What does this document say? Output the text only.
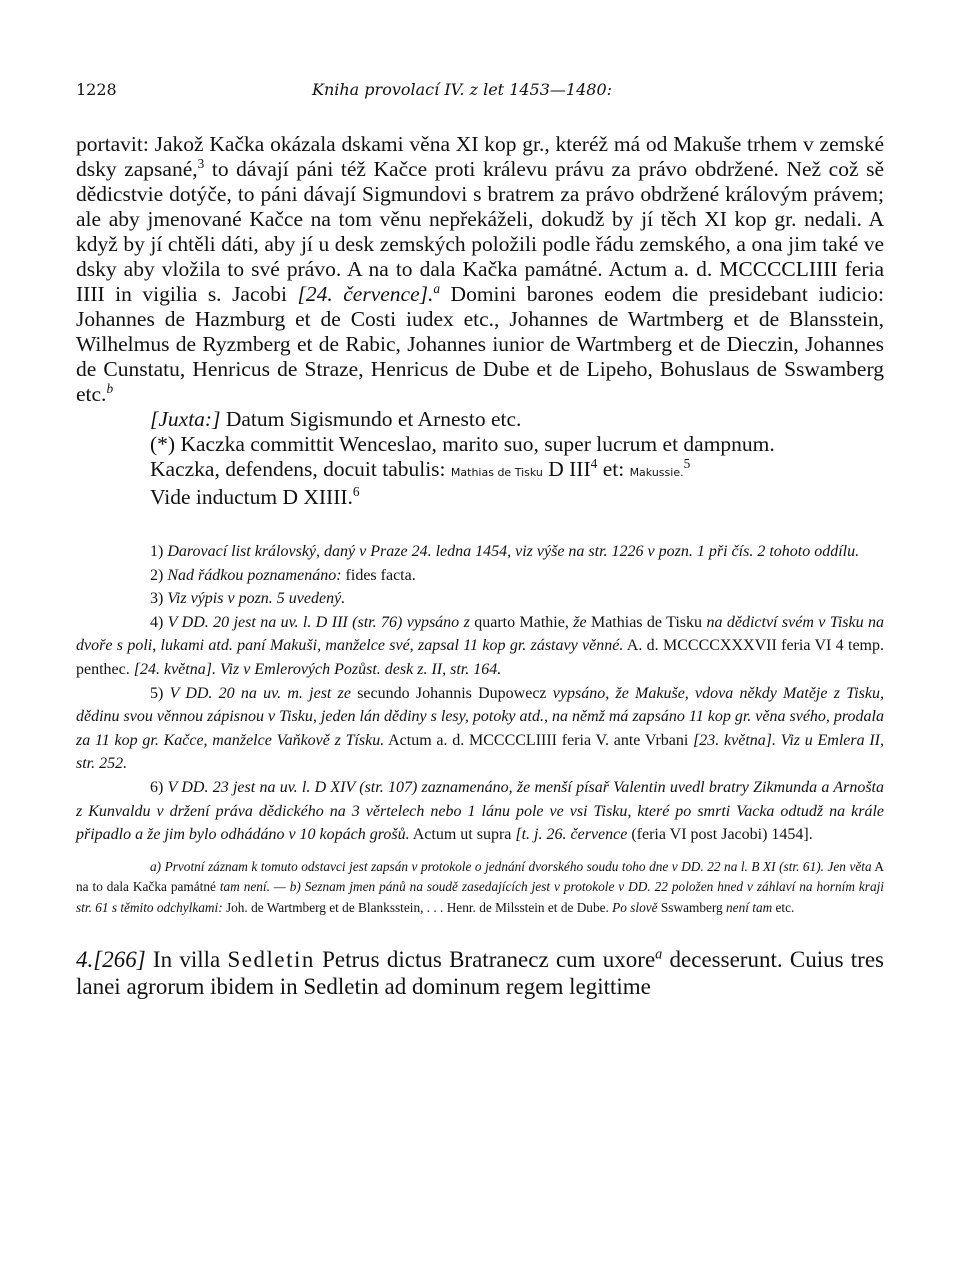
1228	Kniha provolací IV. z let 1453—1480:

portavit: Jakož Kačka okázala dskami věna XI kop gr., kteréž má od Makuše trhem v zemské dsky zapsané,$^3$ to dávají páni též Kačce proti králevu právu za právo obdržené. Než což sě dědicstvie dotýče, to páni dávají Sigmundovi s bratrem za právo obdržené královým právem; ale aby jmenované Kačce na tom věnu nepřekáželi, dokudž by jí těch XI kop gr. nedali. A když by jí chtěli dáti, aby jí u desk zemských položili podle řádu zemského, a ona jim také ve dsky aby vložila to své právo. A na to dala Kačka památné. Actum a. d. MCCCCLIIII feria IIII in vigilia s. Jacobi [24. července].$^a$ Domini barones eodem die presidebant iudicio: Johannes de Hazmburg et de Costi iudex etc., Johannes de Wartmberg et de Blansstein, Wilhelmus de Ryzmberg et de Rabic, Johannes iunior de Wartmberg et de Dieczin, Johannes de Cunstatu, Henricus de Straze, Henricus de Dube et de Lipeho, Bohuslaus de Sswamberg etc.$^b$

[Juxta:] Datum Sigismundo et Arnesto etc.

(*) Kaczka committit Wenceslao, marito suo, super lucrum et dampnum.

Kaczka, defendens, docuit tabulis: Mathias de Tisku D III$^4$ et: Makussie.$^5$

Vide inductum D XIIII.$^6$

1) Darovací list královský, daný v Praze 24. ledna 1454, viz výše na str. 1226 v pozn. 1 při čís. 2 tohoto oddílu.

2) Nad řádkou poznamenáno: fides facta.

3) Viz výpis v pozn. 5 uvedený.

4) V DD. 20 jest na uv. l. D III (str. 76) vypsáno z quarto Mathie, že Mathias de Tisku na dědictví svém v Tisku na dvoře s poli, lukami atd. paní Makuši, manželce své, zapsal 11 kop gr. zástavy věnné. A. d. MCCCCXXXVII feria VI 4 temp. penthec. [24. května]. Viz v Emlerových Pozůst. desk z. II, str. 164.

5) V DD. 20 na uv. m. jest ze secundo Johannis Dupowecz vypsáno, že Makuše, vdova někdy Matěje z Tisku, dědinu svou věnnou zápisnou v Tisku, jeden lán dědiny s lesy, potoky atd., na němž má zapsáno 11 kop gr. věna svého, prodala za 11 kop gr. Kačce, manželce Vaňkově z Tísku. Actum a. d. MCCCCLIIII feria V. ante Vrbani [23. května]. Viz u Emlera II, str. 252.

6) V DD. 23 jest na uv. l. D XIV (str. 107) zaznamenáno, že menší písař Valentin uvedl bratry Zikmunda a Arnošta z Kunvaldu v držení práva dědického na 3 věrtelech nebo 1 lánu pole ve vsi Tisku, které po smrti Vacka odtudž na krále připadlo a že jim bylo odhádáno v 10 kopách grošů. Actum ut supra [t. j. 26. července (feria VI post Jacobi) 1454].

a) Prvotní záznam k tomuto odstavci jest zapsán v protokole o jednání dvorského soudu toho dne v DD. 22 na l. B XI (str. 61). Jen věta A na to dala Kačka památné tam není. — b) Seznam jmen pánů na soudě zasedajících jest v protokole v DD. 22 položen hned v záhlaví na horním kraji str. 61 s těmito odchylkami: Joh. de Wartmberg et de Blanksstein, . . . Henr. de Milsstein et de Dube. Po slově Sswamberg není tam etc.

4.[266] In villa Sedletin Petrus dictus Bratranecz cum uxore$^a$ decesserunt. Cuius tres lanei agrorum ibidem in Sedletin ad dominum regem legittime
